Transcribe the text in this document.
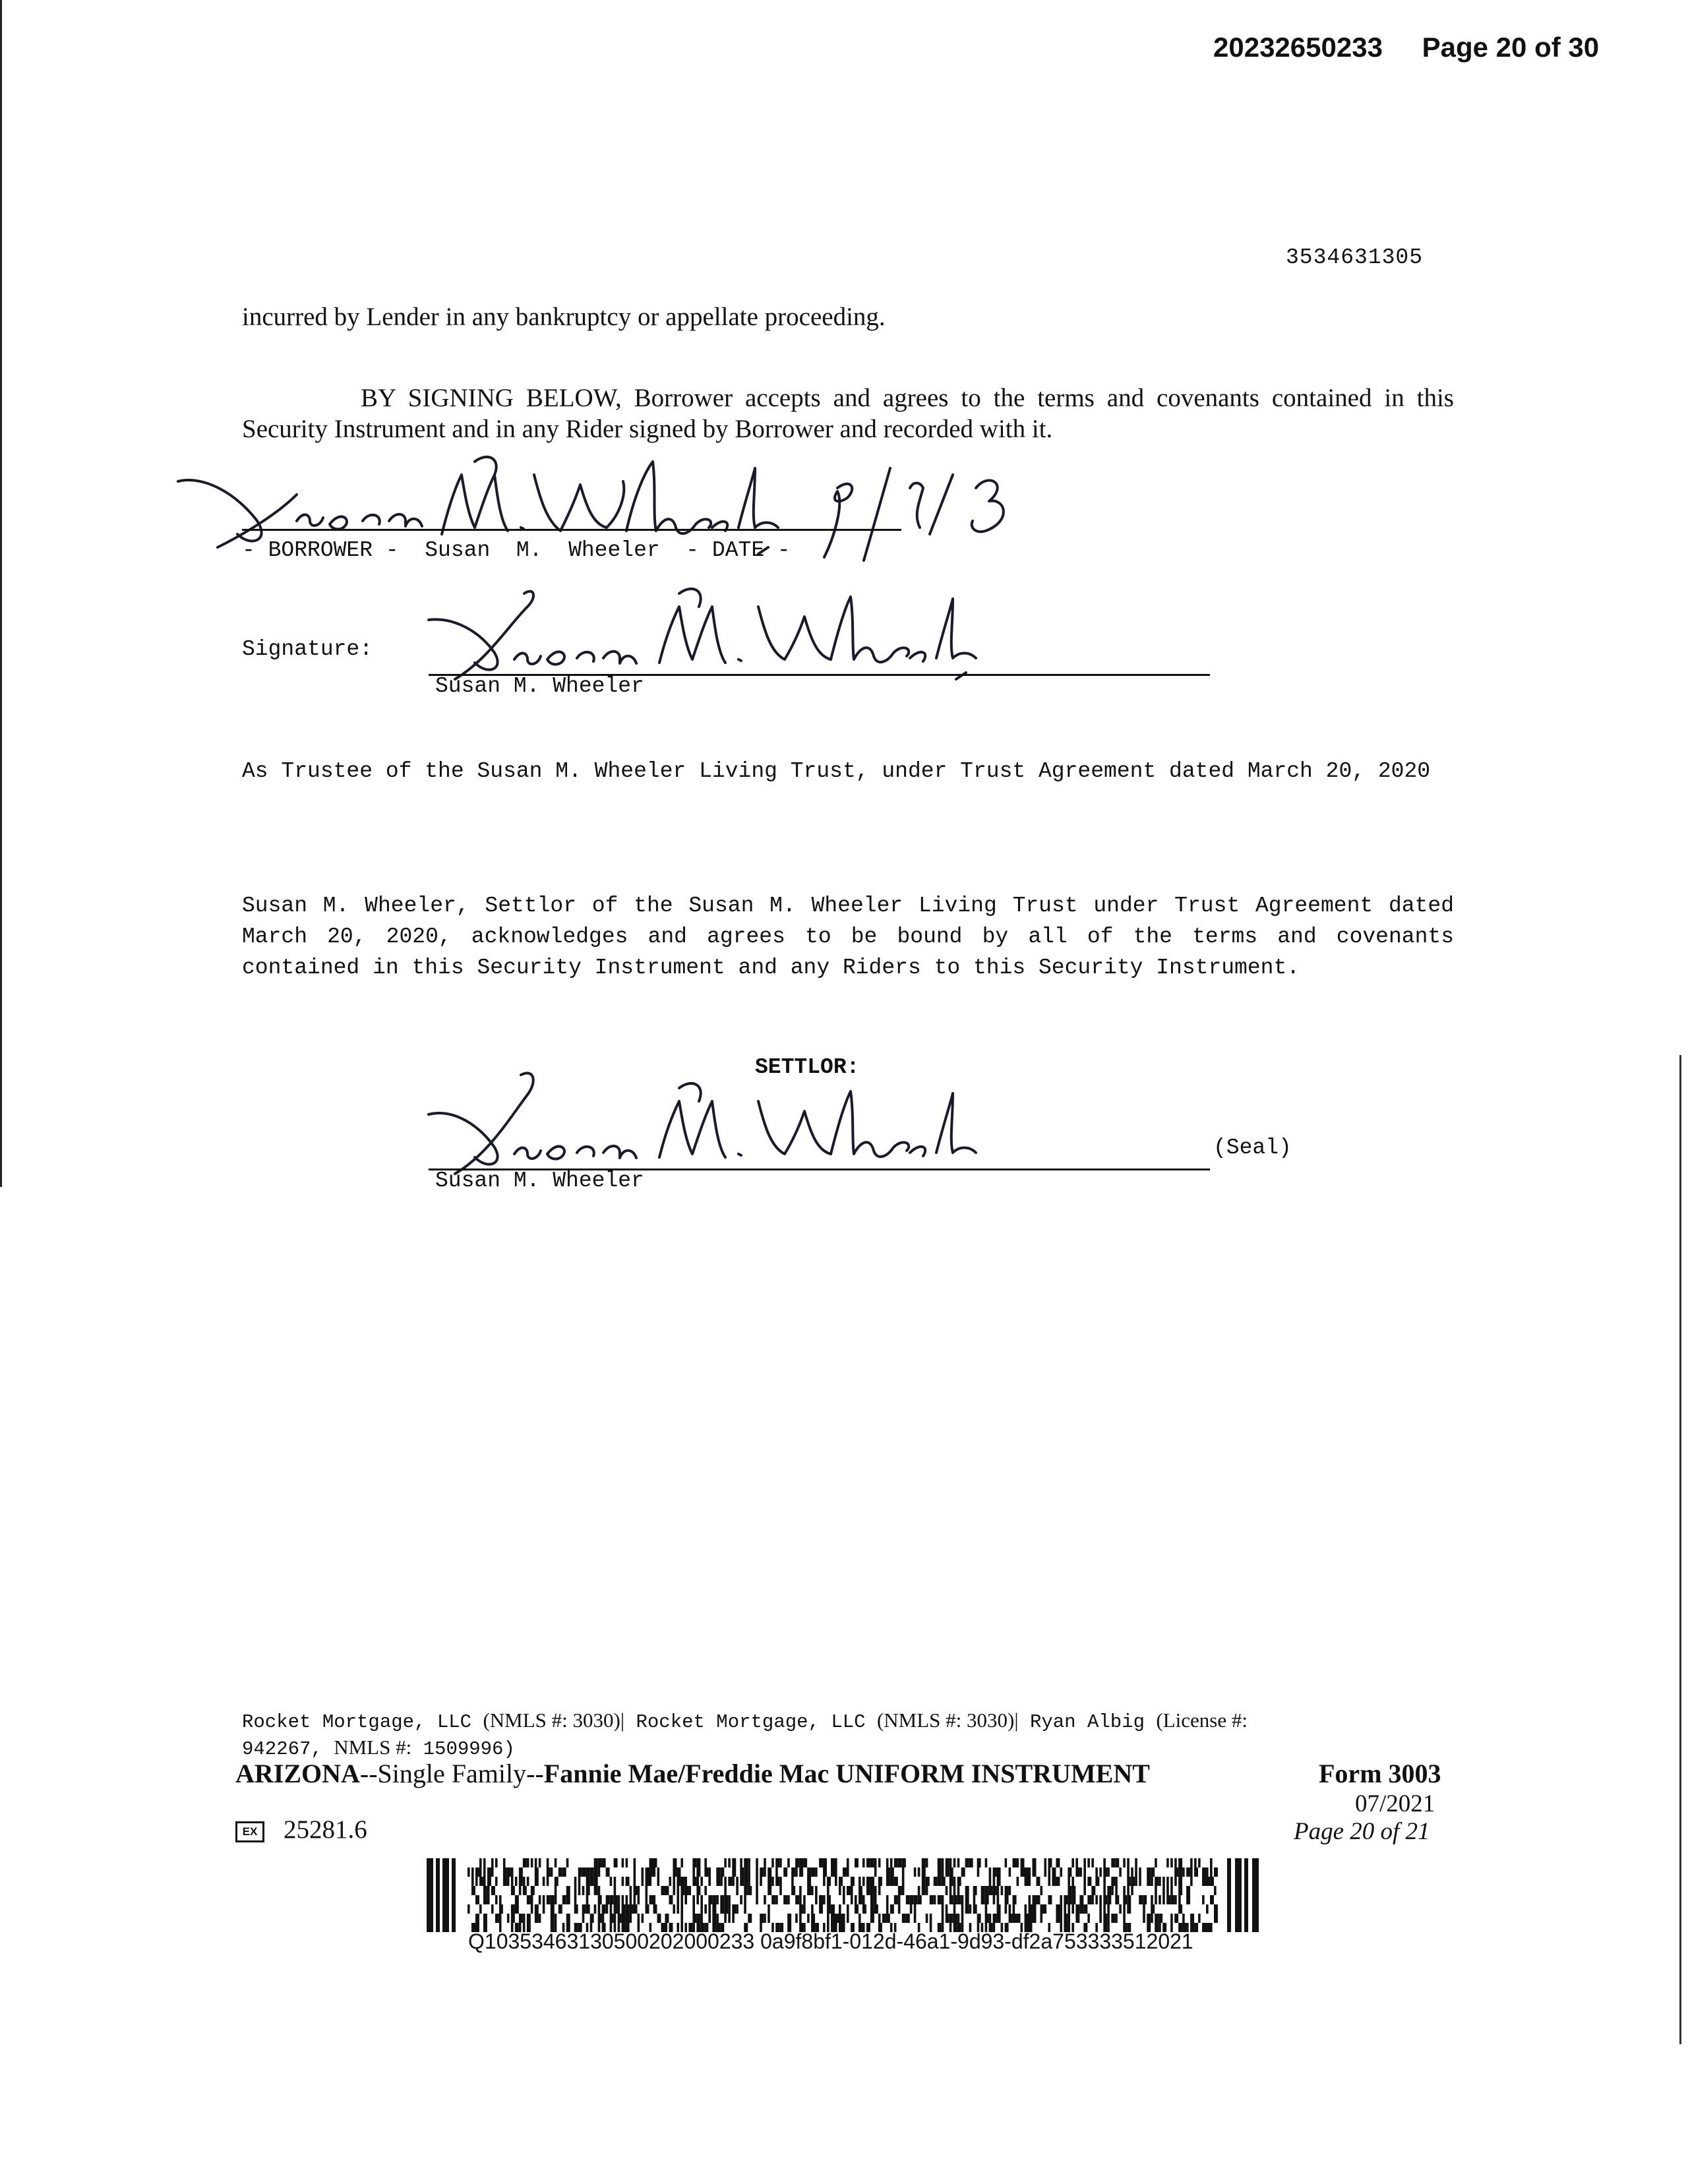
20232650233 Page 20 of 30
3534631305
incurred by Lender in any bankruptcy or appellate proceeding.
BY SIGNING BELOW, Borrower accepts and agrees to the terms and covenants contained in this Security Instrument and in any Rider signed by Borrower and recorded with it.
- BORROWER -  Susan  M.  Wheeler  - DATE -
Signature:
Susan M. Wheeler
As Trustee of the Susan M. Wheeler Living Trust, under Trust Agreement dated March 20, 2020
Susan M. Wheeler, Settlor of the Susan M. Wheeler Living Trust under Trust Agreement dated March 20, 2020, acknowledges and agrees to be bound by all of the terms and covenants contained in this Security Instrument and any Riders to this Security Instrument.
SETTLOR:
Susan M. Wheeler
(Seal)
Rocket Mortgage, LLC (NMLS #: 3030)| Rocket Mortgage, LLC (NMLS #: 3030)| Ryan Albig (License #:
942267, NMLS #: 1509996)
ARIZONA--Single Family--Fannie Mae/Freddie Mac UNIFORM INSTRUMENT	Form 3003
07/2021
Page 20 of 21
EX 25281.6
Q10353463130500202000233 0a9f8bf1-012d-46a1-9d93-df2a753333512021
